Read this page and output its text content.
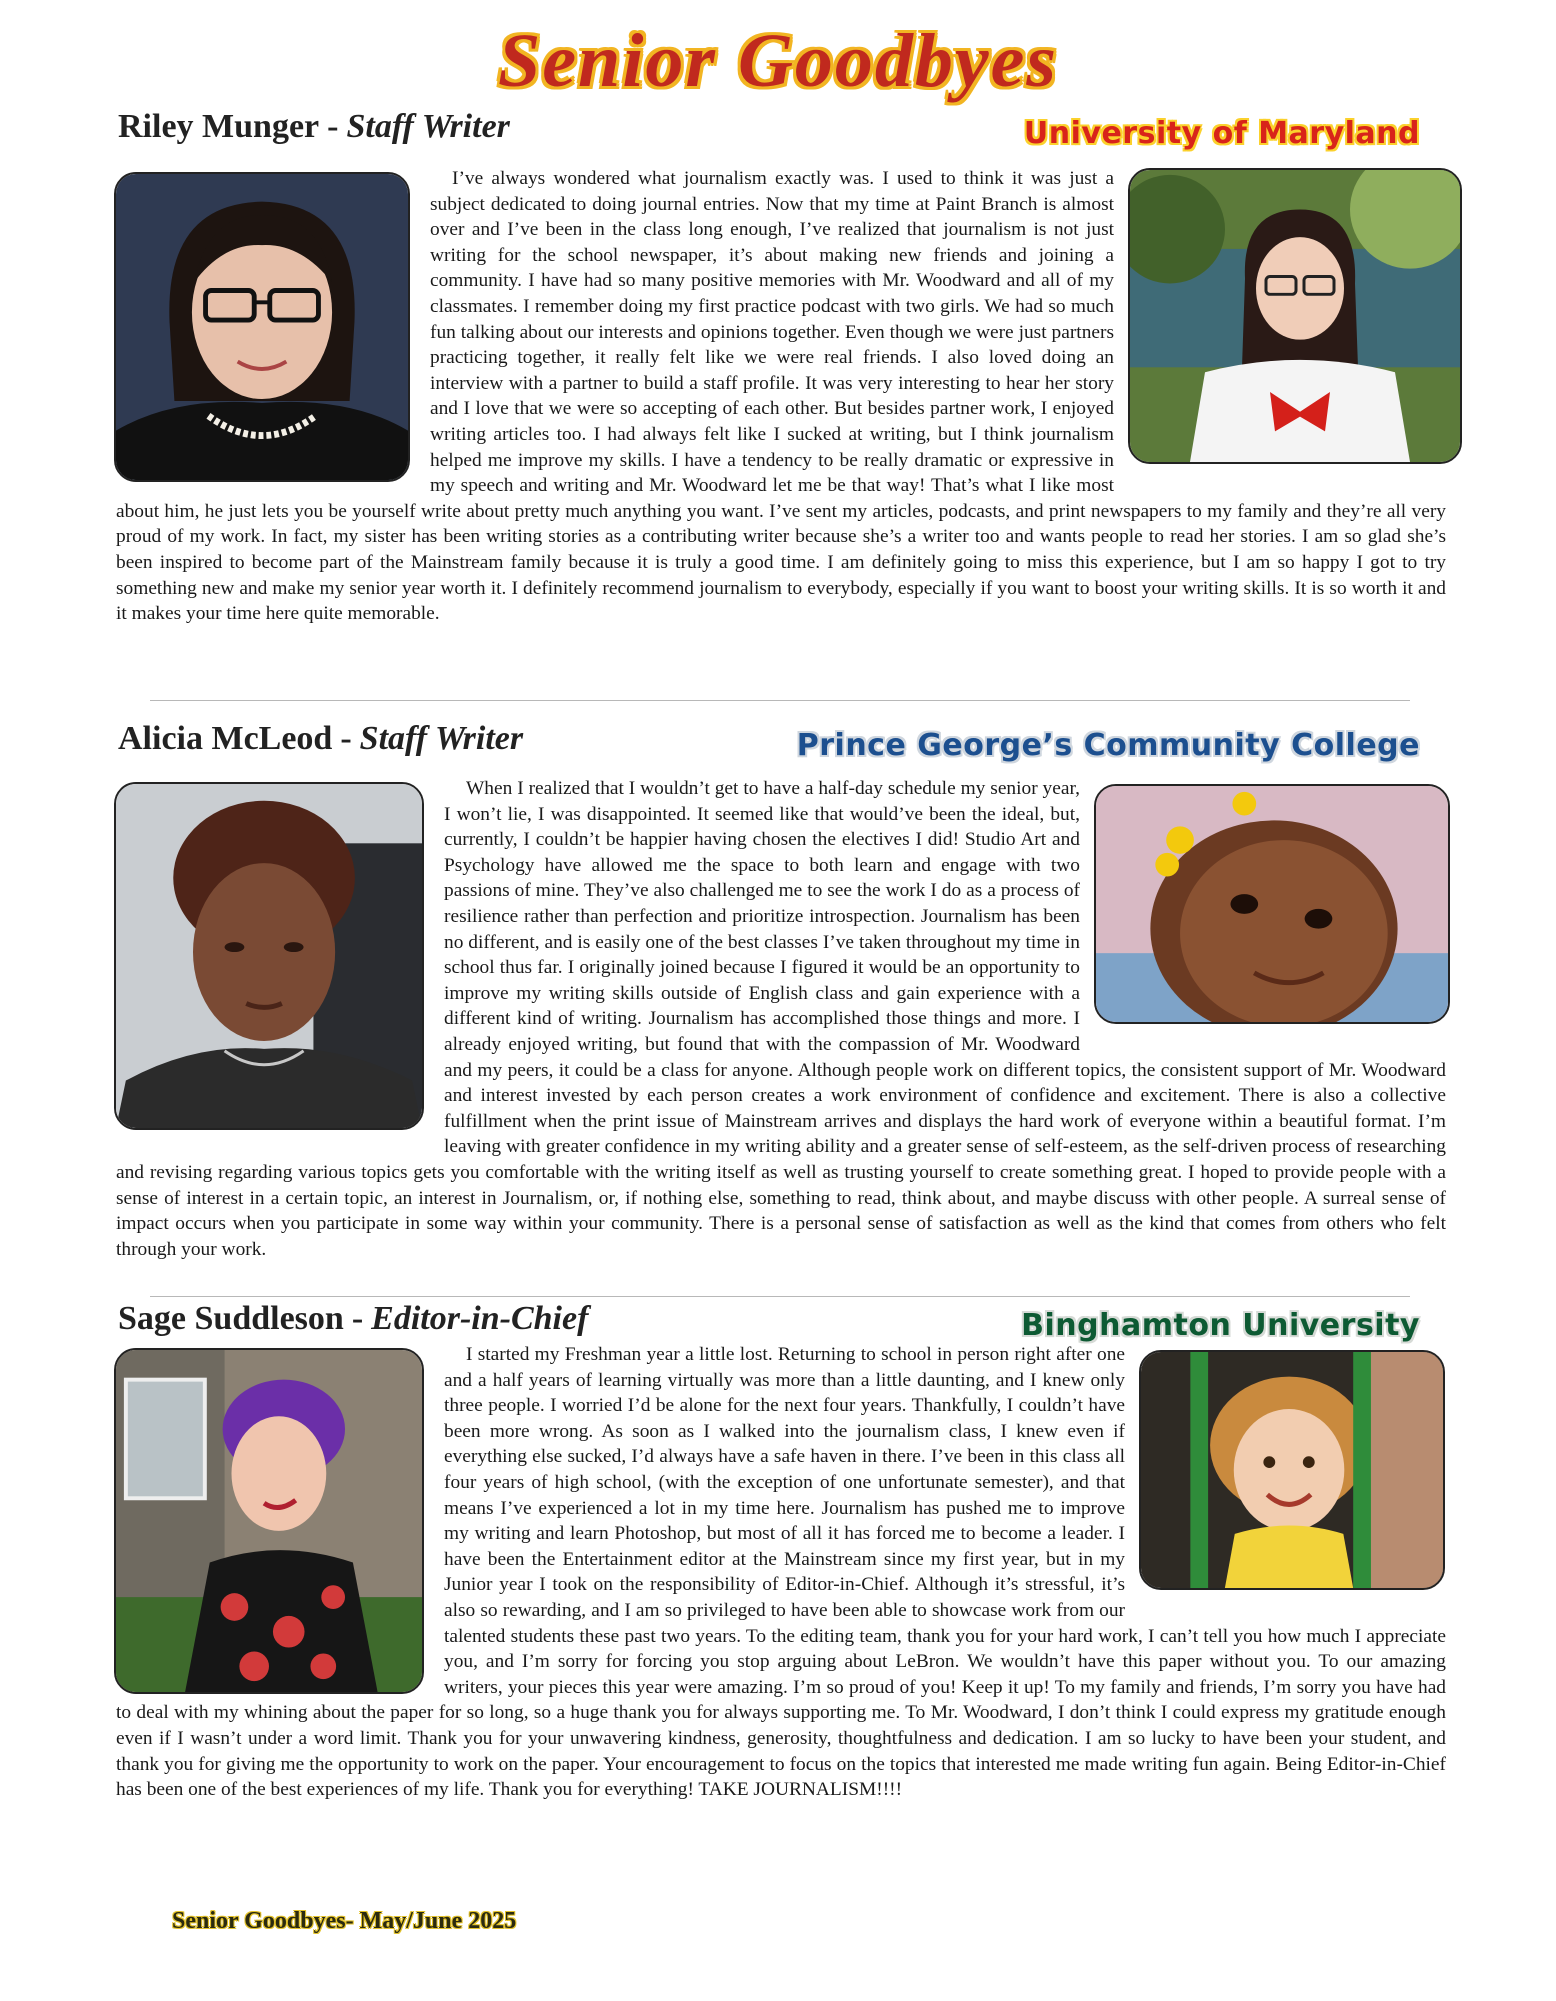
Senior Goodbyes
Riley Munger - Staff Writer	University of Maryland

I’ve always wondered what journalism exactly was. I used to think it was just a subject dedicated to doing journal entries. Now that my time at Paint Branch is almost over and I’ve been in the class long enough, I’ve realized that journalism is not just writing for the school newspaper, it’s about making new friends and joining a community. I have had so many positive memories with Mr. Woodward and all of my classmates. I remember doing my first practice podcast with two girls. We had so much fun talking about our interests and opinions together. Even though we were just partners practicing together, it really felt like we were real friends. I also loved doing an interview with a partner to build a staff profile. It was very interesting to hear her story and I love that we were so accepting of each other. But besides partner work, I enjoyed writing articles too. I had always felt like I sucked at writing, but I think journalism helped me improve my skills. I have a tendency to be really dramatic or expressive in my speech and writing and Mr. Woodward let me be that way! That’s what I like most about him, he just lets you be yourself write about pretty much anything you want. I’ve sent my articles, podcasts, and print newspapers to my family and they’re all very proud of my work. In fact, my sister has been writing stories as a contributing writer because she’s a writer too and wants people to read her stories. I am so glad she’s been inspired to become part of the Mainstream family because it is truly a good time. I am definitely going to miss this experience, but I am so happy I got to try something new and make my senior year worth it. I definitely recommend journalism to everybody, especially if you want to boost your writing skills. It is so worth it and it makes your time here quite memorable.

Alicia McLeod - Staff Writer	Prince George’s Community College

When I realized that I wouldn’t get to have a half-day schedule my senior year, I won’t lie, I was disappointed. It seemed like that would’ve been the ideal, but, currently, I couldn’t be happier having chosen the electives I did! Studio Art and Psychology have allowed me the space to both learn and engage with two passions of mine. They’ve also challenged me to see the work I do as a process of resilience rather than perfection and prioritize introspection. Journalism has been no different, and is easily one of the best classes I’ve taken throughout my time in school thus far. I originally joined because I figured it would be an opportunity to improve my writing skills outside of English class and gain experience with a different kind of writing. Journalism has accomplished those things and more. I already enjoyed writing, but found that with the compassion of Mr. Woodward and my peers, it could be a class for anyone. Although people work on different topics, the consistent support of Mr. Woodward and interest invested by each person creates a work environment of confidence and excitement. There is also a collective fulfillment when the print issue of Mainstream arrives and displays the hard work of everyone within a beautiful format. I’m leaving with greater confidence in my writing ability and a greater sense of self-esteem, as the self-driven process of researching and revising regarding various topics gets you comfortable with the writing itself as well as trusting yourself to create something great. I hoped to provide people with a sense of interest in a certain topic, an interest in Journalism, or, if nothing else, something to read, think about, and maybe discuss with other people. A surreal sense of impact occurs when you participate in some way within your community. There is a personal sense of satisfaction as well as the kind that comes from others who felt through your work.

Sage Suddleson - Editor-in-Chief	Binghamton University

I started my Freshman year a little lost. Returning to school in person right after one and a half years of learning virtually was more than a little daunting, and I knew only three people. I worried I’d be alone for the next four years. Thankfully, I couldn’t have been more wrong. As soon as I walked into the journalism class, I knew even if everything else sucked, I’d always have a safe haven in there. I’ve been in this class all four years of high school, (with the exception of one unfortunate semester), and that means I’ve experienced a lot in my time here. Journalism has pushed me to improve my writing and learn Photoshop, but most of all it has forced me to become a leader. I have been the Entertainment editor at the Mainstream since my first year, but in my Junior year I took on the responsibility of Editor-in-Chief. Although it’s stressful, it’s also so rewarding, and I am so privileged to have been able to showcase work from our talented students these past two years. To the editing team, thank you for your hard work, I can’t tell you how much I appreciate you, and I’m sorry for forcing you stop arguing about LeBron. We wouldn’t have this paper without you. To our amazing writers, your pieces this year were amazing. I’m so proud of you! Keep it up! To my family and friends, I’m sorry you have had to deal with my whining about the paper for so long, so a huge thank you for always supporting me. To Mr. Woodward, I don’t think I could express my gratitude enough even if I wasn’t under a word limit. Thank you for your unwavering kindness, generosity, thoughtfulness and dedication. I am so lucky to have been your student, and thank you for giving me the opportunity to work on the paper. Your encouragement to focus on the topics that interested me made writing fun again. Being Editor-in-Chief has been one of the best experiences of my life. Thank you for everything! TAKE JOURNALISM!!!!

Senior Goodbyes- May/June 2025
